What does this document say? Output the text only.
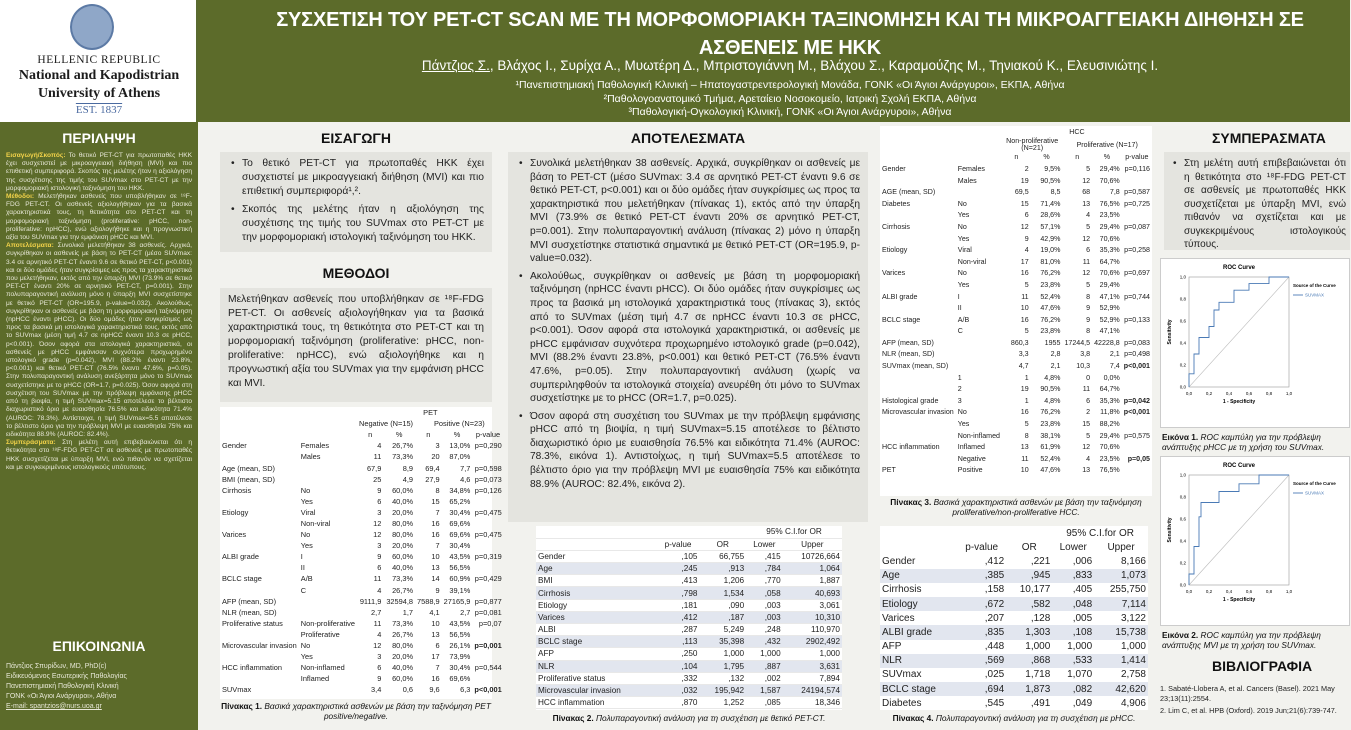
HELLENIC REPUBLIC
National and Kapodistrian
University of Athens
EST. 1837
ΣΥΣΧΕΤΙΣΗ ΤΟΥ PET-CT SCAN ΜΕ ΤΗ ΜΟΡΦΟΜΟΡΙΑΚΗ ΤΑΞΙΝΟΜΗΣΗ ΚΑΙ ΤΗ ΜΙΚΡΟΑΓΓΕΙΑΚΗ ΔΙΗΘΗΣΗ ΣΕ ΑΣΘΕΝΕΙΣ ΜΕ ΗΚΚ
Πάντζιος Σ., Βλάχος Ι., Συρίχα Α., Μυωτέρη Δ., Μπριστογιάννη Μ., Βλάχου Σ., Καραμούζης Μ., Τηνιακού Κ., Ελευσινιώτης Ι.
¹Πανεπιστημιακή Παθολογική Κλινική – Ηπατογαστρεντερολογική Μονάδα, ΓΟΝΚ «Οι Άγιοι Ανάργυροι», ΕΚΠΑ, Αθήνα
²Παθολογοανατομικό Τμήμα, Αρεταίειο Νοσοκομείο, Ιατρική Σχολή ΕΚΠΑ, Αθήνα
³Παθολογική-Ογκολογική Κλινική, ΓΟΝΚ «Οι Άγιοι Ανάργυροι», Αθήνα
ΠΕΡΙΛΗΨΗ
Εισαγωγή/Σκοπός: Το θετικό PET-CT για πρωτοπαθές ΗΚΚ έχει συσχετιστεί με μικροαγγειακή διήθηση (MVI) και πιο επιθετική συμπεριφορά. Σκοπός της μελέτης ήταν η αξιολόγηση της συσχέτισης της τιμής του SUVmax στο PET-CT με την μορφομοριακή ιστολογική ταξινόμηση του ΗΚΚ.
Μέθοδοι: Μελετήθηκαν ασθενείς που υποβλήθηκαν σε ¹⁸F-FDG PET-CT. Οι ασθενείς αξιολογήθηκαν για τα βασικά χαρακτηριστικά τους, τη θετικότητα στο PET-CT και τη μορφομοριακή ταξινόμηση (proliferative: pHCC, non-proliferative: npHCC), ενώ αξιολογήθηκε και η προγνωστική αξία του SUVmax για την εμφάνιση pHCC και MVI.
Αποτελέσματα: Συνολικά μελετήθηκαν 38 ασθενείς. Αρχικά, συγκρίθηκαν οι ασθενείς με βάση το PET-CT (μέσο SUVmax: 3.4 σε αρνητικό PET-CT έναντι 9.6 σε θετικό PET-CT, p<0.001) και οι δύο ομάδες ήταν συγκρίσιμες ως προς τα χαρακτηριστικά που μελετήθηκαν, εκτός από την ύπαρξη MVI (73.9% σε θετικό PET-CT έναντι 20% σε αρνητικό PET-CT, p=0.001). Στην πολυπαραγοντική ανάλυση μόνο η ύπαρξη MVI συσχετίστηκε με θετικό PET-CT (OR=195.9, p-value=0.032). Ακολούθως, συγκρίθηκαν οι ασθενείς με βάση τη μορφομοριακή ταξινόμηση (npHCC έναντι pHCC). Οι δύο ομάδες ήταν συγκρίσιμες ως προς τα βασικά μη ιστολογικά χαρακτηριστικά τους, εκτός από το SUVmax (μέση τιμή 4.7 σε npHCC έναντι 10.3 σε pHCC, p<0.001). Όσον αφορά στα ιστολογικά χαρακτηριστικά, οι ασθενείς με pHCC εμφάνισαν συχνότερα προχωρημένο ιστολογικό grade (p=0.042), MVI (88.2% έναντι 23.8%, p<0.001) και θετικό PET-CT (76.5% έναντι 47.6%, p=0.05). Στην πολυπαραγοντική ανάλυση ανεξάρτητα μόνο το SUVmax συσχετίστηκε με το pHCC (OR=1.7, p=0.025). Όσον αφορά στη συσχέτιση του SUVmax με την πρόβλεψη εμφάνισης pHCC από τη βιοψία, η τιμή SUVmax=5.15 αποτέλεσε το βέλτιστο διαχωριστικό όριο με ευαισθησία 76.5% και ειδικότητα 71.4% (AUROC: 78.3%). Αντίστοιχα, η τιμή SUVmax=5.5 αποτέλεσε το βέλτιστο όριο για την πρόβλεψη MVI με ευαισθησία 75% και ειδικότητα 88.9% (AUROC: 82.4%).
Συμπεράσματα: Στη μελέτη αυτή επιβεβαιώνεται ότι η θετικότητα στο ¹⁸F-FDG PET-CT σε ασθενείς με πρωτοπαθές ΗΚΚ συσχετίζεται με ύπαρξη MVI, ενώ πιθανόν να σχετίζεται και με συγκεκριμένους ιστολογικούς υπότυπους.
ΕΠΙΚΟΙΝΩΝΙΑ
Πάντζιος Σπυρίδων, MD, PhD(c)
Ειδικευόμενος Εσωτερικής Παθολογίας
Πανεπιστημιακή Παθολογική Κλινική
ΓΟΝΚ «Οι Άγιοι Ανάργυροι», Αθήνα
E-mail: spantzios@nurs.uoa.gr
ΕΙΣΑΓΩΓΗ
• Το θετικό PET-CT για πρωτοπαθές ΗΚΚ έχει συσχετιστεί με μικροαγγειακή διήθηση (MVI) και πιο επιθετική συμπεριφορά¹,².
• Σκοπός της μελέτης ήταν η αξιολόγηση της συσχέτισης της τιμής του SUVmax στο PET-CT με την μορφομοριακή ιστολογική ταξινόμηση του ΗΚΚ.
ΜΕΘΟΔΟΙ
Μελετήθηκαν ασθενείς που υποβλήθηκαν σε ¹⁸F-FDG PET-CT. Οι ασθενείς αξιολογήθηκαν για τα βασικά χαρακτηριστικά τους, τη θετικότητα στο PET-CT και τη μορφομοριακή ταξινόμηση (proliferative: pHCC, non-proliferative: npHCC), ενώ αξιολογήθηκε και η προγνωστική αξία του SUVmax για την εμφάνιση pHCC και MVI.
		PET				
		Negative (N=15)		Positive (N=23)		
		n	%	n	%	p-value
Gender	Females	4	26,7%	3	13,0%	p=0,290
	Males	11	73,3%	20	87,0%	
Age (mean, SD)		67,9	8,9	69,4	7,7	p=0,598
BMI (mean, SD)		25	4,9	27,9	4,6	p=0,073
Cirrhosis	No	9	60,0%	8	34,8%	p=0,126
	Yes	6	40,0%	15	65,2%	
Etiology	Viral	3	20,0%	7	30,4%	p=0,475
	Non-viral	12	80,0%	16	69,6%	
Varices	No	12	80,0%	16	69,6%	p=0,475
	Yes	3	20,0%	7	30,4%	
ALBI grade	I	9	60,0%	10	43,5%	p=0,319
	II	6	40,0%	13	56,5%	
BCLC stage	A/B	11	73,3%	14	60,9%	p=0,429
	C	4	26,7%	9	39,1%	
AFP (mean, SD)		9111,9	32594,8	7588,9	27165,9	p=0,877
NLR (mean, SD)		2,7	1,7	4,1	2,7	p=0,081
Proliferative status	Non-proliferative	11	73,3%	10	43,5%	p=0,07
	Proliferative	4	26,7%	13	56,5%	
Microvascular invasion	No	12	80,0%	6	26,1%	p=0,001
	Yes	3	20,0%	17	73,9%	
HCC inflammation	Non-inflamed	6	40,0%	7	30,4%	p=0,544
	Inflamed	9	60,0%	16	69,6%	
SUVmax		3,4	0,6	9,6	6,3	p<0,001
Πίνακας 1. Βασικά χαρακτηριστικά ασθενών με βάση την ταξινόμηση PET positive/negative.
ΑΠΟΤΕΛΕΣΜΑΤΑ
• Συνολικά μελετήθηκαν 38 ασθενείς. Αρχικά, συγκρίθηκαν οι ασθενείς με βάση το PET-CT (μέσο SUVmax: 3.4 σε αρνητικό PET-CT έναντι 9.6 σε θετικό PET-CT, p<0.001) και οι δύο ομάδες ήταν συγκρίσιμες ως προς τα χαρακτηριστικά που μελετήθηκαν (πίνακας 1), εκτός από την ύπαρξη MVI (73.9% σε θετικό PET-CT έναντι 20% σε αρνητικό PET-CT, p=0.001). Στην πολυπαραγοντική ανάλυση (πίνακας 2) μόνο η ύπαρξη MVI συσχετίστηκε στατιστικά σημαντικά με θετικό PET-CT (OR=195.9, p-value=0.032).
• Ακολούθως, συγκρίθηκαν οι ασθενείς με βάση τη μορφομοριακή ταξινόμηση (npHCC έναντι pHCC). Οι δύο ομάδες ήταν συγκρίσιμες ως προς τα βασικά μη ιστολογικά χαρακτηριστικά τους (πίνακας 3), εκτός από το SUVmax (μέση τιμή 4.7 σε npHCC έναντι 10.3 σε pHCC, p<0.001). Όσον αφορά στα ιστολογικά χαρακτηριστικά, οι ασθενείς με pHCC εμφάνισαν συχνότερα προχωρημένο ιστολογικό grade (p=0.042), MVI (88.2% έναντι 23.8%, p<0.001) και θετικό PET-CT (76.5% έναντι 47.6%, p=0.05). Στην πολυπαραγοντική ανάλυση (χωρίς να συμπεριληφθούν τα ιστολογικά στοιχεία) ανευρέθη ότι μόνο το SUVmax συσχετίστηκε με το pHCC (OR=1.7, p=0.025).
• Όσον αφορά στη συσχέτιση του SUVmax με την πρόβλεψη εμφάνισης pHCC από τη βιοψία, η τιμή SUVmax=5.15 αποτέλεσε το βέλτιστο διαχωριστικό όριο με ευαισθησία 76.5% και ειδικότητα 71.4% (AUROC: 78.3%, εικόνα 1). Αντιστοίχως, η τιμή SUVmax=5.5 αποτέλεσε το βέλτιστο όριο για την πρόβλεψη MVI με ευαισθησία 75% και ειδικότητα 88.9% (AUROC: 82.4%, εικόνα 2).
			95% C.I.for OR	
	p-value	OR	Lower	Upper
Gender	,105	66,755	,415	10726,664
Age	,245	,913	,784	1,064
BMI	,413	1,206	,770	1,887
Cirrhosis	,798	1,534	,058	40,693
Etiology	,181	,090	,003	3,061
Varices	,412	,187	,003	10,310
ALBI	,287	5,249	,248	110,970
BCLC stage	,113	35,398	,432	2902,492
AFP	,250	1,000	1,000	1,000
NLR	,104	1,795	,887	3,631
Proliferative status	,332	,132	,002	7,894
Microvascular invasion	,032	195,942	1,587	24194,574
HCC inflammation	,870	1,252	,085	18,346
Πίνακας 2. Πολυπαραγοντική ανάλυση για τη συσχέτιση με θετικό PET-CT.
		HCC				
		Non-proliferative (N=21)		Proliferative (N=17)		
		n	%	n	%	p-value
Gender	Females	2	9,5%	5	29,4%	p=0,116
	Males	19	90,5%	12	70,6%	
AGE (mean, SD)		69,5	8,5	68	7,8	p=0,587
Diabetes	No	15	71,4%	13	76,5%	p=0,725
	Yes	6	28,6%	4	23,5%	
Cirrhosis	No	12	57,1%	5	29,4%	p=0,087
	Yes	9	42,9%	12	70,6%	
Etiology	Viral	4	19,0%	6	35,3%	p=0,258
	Non-viral	17	81,0%	11	64,7%	
Varices	No	16	76,2%	12	70,6%	p=0,697
	Yes	5	23,8%	5	29,4%	
ALBI grade	I	11	52,4%	8	47,1%	p=0,744
	II	10	47,6%	9	52,9%	
BCLC stage	A/B	16	76,2%	9	52,9%	p=0,133
	C	5	23,8%	8	47,1%	
AFP (mean, SD)		860,3	1955	17244,5	42228,8	p=0,083
NLR (mean, SD)		3,3	2,8	3,8	2,1	p=0,498
SUVmax (mean, SD)		4,7	2,1	10,3	7,4	p<0,001
	1	1	4,8%	0	0,0%	
	2	19	90,5%	11	64,7%	
Histological grade	3	1	4,8%	6	35,3%	p=0,042
Microvascular invasion	No	16	76,2%	2	11,8%	p<0,001
	Yes	5	23,8%	15	88,2%	
	Non-inflamed	8	38,1%	5	29,4%	p=0,575
HCC inflammation	Inflamed	13	61,9%	12	70,6%	
	Negative	11	52,4%	4	23,5%	p=0,05
PET	Positive	10	47,6%	13	76,5%	
Πίνακας 3. Βασικά χαρακτηριστικά ασθενών με βάση την ταξινόμηση proliferative/non-proliferative HCC.
			95% C.I.for OR	
	p-value	OR	Lower	Upper
Gender	,412	,221	,006	8,166
Age	,385	,945	,833	1,073
Cirrhosis	,158	10,177	,405	255,750
Etiology	,672	,582	,048	7,114
Varices	,207	,128	,005	3,122
ALBI grade	,835	1,303	,108	15,738
AFP	,448	1,000	1,000	1,000
NLR	,569	,868	,533	1,414
SUVmax	,025	1,718	1,070	2,758
BCLC stage	,694	1,873	,082	42,620
Diabetes	,545	,491	,049	4,906
Πίνακας 4. Πολυπαραγοντική ανάλυση για τη συσχέτιση με pHCC.
ΣΥΜΠΕΡΑΣΜΑΤΑ
• Στη μελέτη αυτή επιβεβαιώνεται ότι η θετικότητα στο ¹⁸F-FDG PET-CT σε ασθενείς με πρωτοπαθές ΗΚΚ συσχετίζεται με ύπαρξη MVI, ενώ πιθανόν να σχετίζεται και με συγκεκριμένους ιστολογικούς τύπους.
ROC Curve
0,0
0,0
0,2
0,2
0,4
0,4
0,6
0,6
0,8
0,8
1,0
1,0
1 - Specificity
Sensitivity
Source of the Curve
SUVMAX
Εικόνα 1. ROC καμπύλη για την πρόβλεψη ανάπτυξης pHCC με τη χρήση του SUVmax.
ROC Curve
0,0
0,0
0,2
0,2
0,4
0,4
0,6
0,6
0,8
0,8
1,0
1,0
1 - Specificity
Sensitivity
Source of the Curve
SUVMAX
Εικόνα 2. ROC καμπύλη για την πρόβλεψη ανάπτυξης MVI με τη χρήση του SUVmax.
ΒΙΒΛΙΟΓΡΑΦΙΑ
1. Sabaté-Llobera A, et al. Cancers (Basel). 2021 May 23;13(11):2554.
2. Lim C, et al. HPB (Oxford). 2019 Jun;21(6):739-747.
